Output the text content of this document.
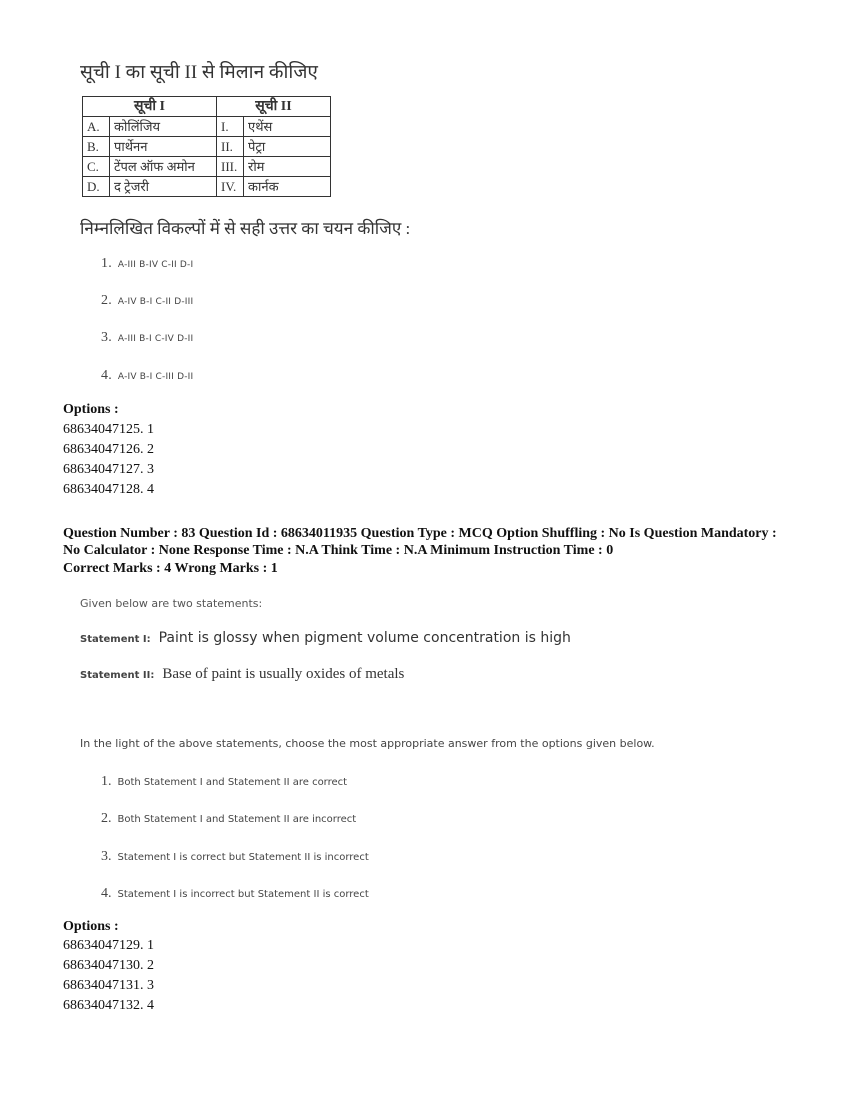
सूची I का सूची II से मिलान कीजिए
सूची I		सूची II	
A.	कोलिंजिय	I.	एथेंस
B.	पार्थेनन	II.	पेट्रा
C.	टेंपल ऑफ अमोन	III.	रोम
D.	द ट्रेजरी	IV.	कार्नक
निम्नलिखित विकल्पों में से सही उत्तर का चयन कीजिए :
1. A-III B-IV C-II D-I
2. A-IV B-I C-II D-III
3. A-III B-I C-IV D-II
4. A-IV B-I C-III D-II
Options :
68634047125. 1
68634047126. 2
68634047127. 3
68634047128. 4
Question Number : 83 Question Id : 68634011935 Question Type : MCQ Option Shuffling : No Is Question Mandatory :
No Calculator : None Response Time : N.A Think Time : N.A Minimum Instruction Time : 0
Correct Marks : 4 Wrong Marks : 1
Given below are two statements:
Statement I: Paint is glossy when pigment volume concentration is high
Statement II: Base of paint is usually oxides of metals
In the light of the above statements, choose the most appropriate answer from the options given below.
1. Both Statement I and Statement II are correct
2. Both Statement I and Statement II are incorrect
3. Statement I is correct but Statement II is incorrect
4. Statement I is incorrect but Statement II is correct
Options :
68634047129. 1
68634047130. 2
68634047131. 3
68634047132. 4
